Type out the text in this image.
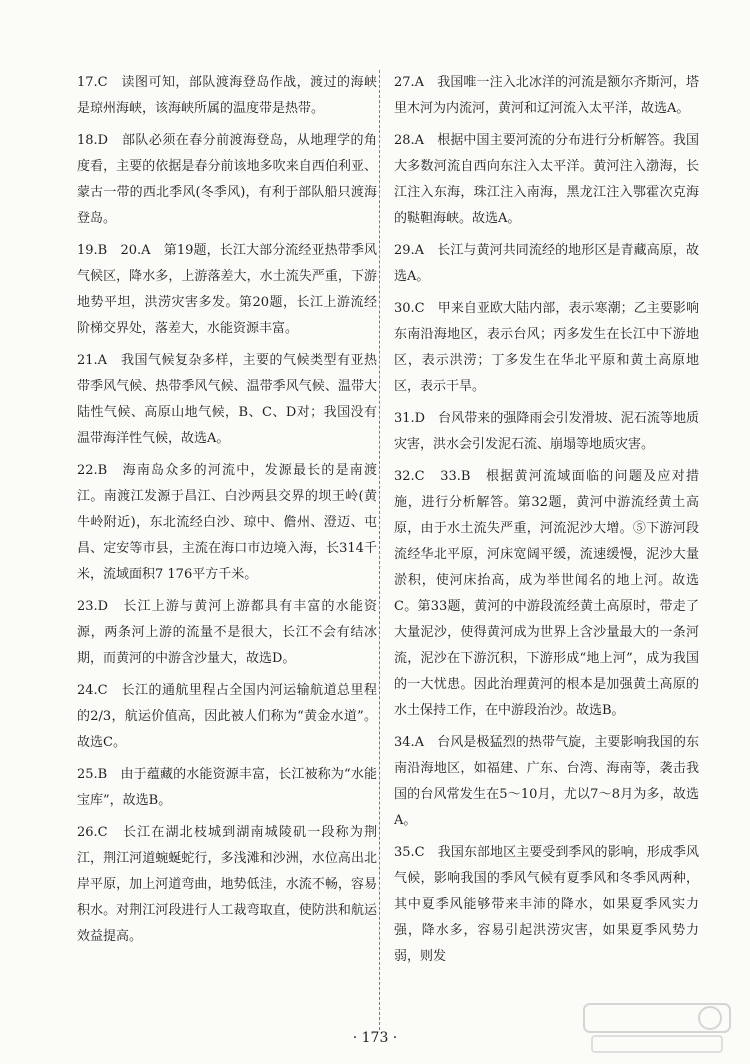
17.C　读图可知，部队渡海登岛作战，渡过的海峡是琼州海峡，该海峡所属的温度带是热带。

18.D　部队必须在春分前渡海登岛，从地理学的角度看，主要的依据是春分前该地多吹来自西伯利亚、蒙古一带的西北季风(冬季风)，有利于部队船只渡海登岛。

19.B　20.A　第19题，长江大部分流经亚热带季风气候区，降水多，上游落差大，水土流失严重，下游地势平坦，洪涝灾害多发。第20题，长江上游流经阶梯交界处，落差大，水能资源丰富。

21.A　我国气候复杂多样，主要的气候类型有亚热带季风气候、热带季风气候、温带季风气候、温带大陆性气候、高原山地气候，B、C、D对；我国没有温带海洋性气候，故选A。

22.B　海南岛众多的河流中，发源最长的是南渡江。南渡江发源于昌江、白沙两县交界的坝王岭(黄牛岭附近)，东北流经白沙、琼中、儋州、澄迈、屯昌、定安等市县，主流在海口市边境入海，长314千米，流域面积7 176平方千米。

23.D　长江上游与黄河上游都具有丰富的水能资源，两条河上游的流量不是很大，长江不会有结冰期，而黄河的中游含沙量大，故选D。

24.C　长江的通航里程占全国内河运输航道总里程的2/3，航运价值高，因此被人们称为“黄金水道”。故选C。

25.B　由于蕴藏的水能资源丰富，长江被称为“水能宝库”，故选B。

26.C　长江在湖北枝城到湖南城陵矶一段称为荆江，荆江河道蜿蜒蛇行，多浅滩和沙洲，水位高出北岸平原，加上河道弯曲，地势低洼，水流不畅，容易积水。对荆江河段进行人工裁弯取直，使防洪和航运效益提高。

27.A　我国唯一注入北冰洋的河流是额尔齐斯河，塔里木河为内流河，黄河和辽河流入太平洋，故选A。

28.A　根据中国主要河流的分布进行分析解答。我国大多数河流自西向东注入太平洋。黄河注入渤海，长江注入东海，珠江注入南海，黑龙江注入鄂霍次克海的鞑靼海峡。故选A。

29.A　长江与黄河共同流经的地形区是青藏高原，故选A。

30.C　甲来自亚欧大陆内部，表示寒潮；乙主要影响东南沿海地区，表示台风；丙多发生在长江中下游地区，表示洪涝；丁多发生在华北平原和黄土高原地区，表示干旱。

31.D　台风带来的强降雨会引发滑坡、泥石流等地质灾害，洪水会引发泥石流、崩塌等地质灾害。

32.C　33.B　根据黄河流域面临的问题及应对措施，进行分析解答。第32题，黄河中游流经黄土高原，由于水土流失严重，河流泥沙大增。⑤下游河段流经华北平原，河床宽阔平缓，流速缓慢，泥沙大量淤积，使河床抬高，成为举世闻名的地上河。故选C。第33题，黄河的中游段流经黄土高原时，带走了大量泥沙，使得黄河成为世界上含沙量最大的一条河流，泥沙在下游沉积，下游形成“地上河”，成为我国的一大忧患。因此治理黄河的根本是加强黄土高原的水土保持工作，在中游段治沙。故选B。

34.A　台风是极猛烈的热带气旋，主要影响我国的东南沿海地区，如福建、广东、台湾、海南等，袭击我国的台风常发生在5～10月，尤以7～8月为多，故选A。

35.C　我国东部地区主要受到季风的影响，形成季风气候，影响我国的季风气候有夏季风和冬季风两种，其中夏季风能够带来丰沛的降水，如果夏季风实力强，降水多，容易引起洪涝灾害，如果夏季风势力弱，则发

· 173 ·
